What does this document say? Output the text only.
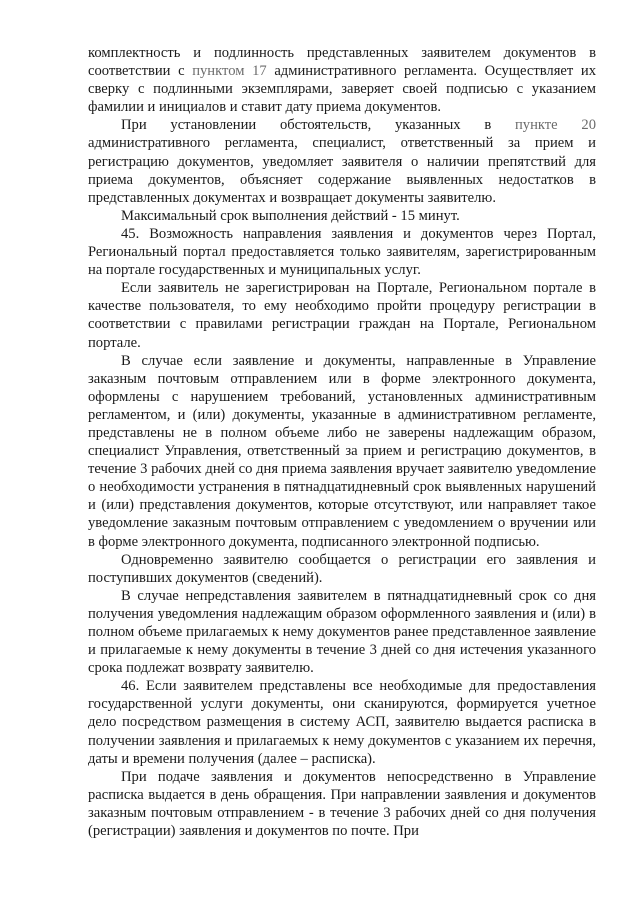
комплектность и подлинность представленных заявителем документов в соответствии с пунктом 17 административного регламента. Осуществляет их сверку с подлинными экземплярами, заверяет своей подписью с указанием фамилии и инициалов и ставит дату приема документов.

При установлении обстоятельств, указанных в пункте 20 административного регламента, специалист, ответственный за прием и регистрацию документов, уведомляет заявителя о наличии препятствий для приема документов, объясняет содержание выявленных недостатков в представленных документах и возвращает документы заявителю.

Максимальный срок выполнения действий - 15 минут.

45. Возможность направления заявления и документов через Портал, Региональный портал предоставляется только заявителям, зарегистрированным на портале государственных и муниципальных услуг.

Если заявитель не зарегистрирован на Портале, Региональном портале в качестве пользователя, то ему необходимо пройти процедуру регистрации в соответствии с правилами регистрации граждан на Портале, Региональном портале.

В случае если заявление и документы, направленные в Управление заказным почтовым отправлением или в форме электронного документа, оформлены с нарушением требований, установленных административным регламентом, и (или) документы, указанные в административном регламенте, представлены не в полном объеме либо не заверены надлежащим образом, специалист Управления, ответственный за прием и регистрацию документов, в течение 3 рабочих дней со дня приема заявления вручает заявителю уведомление о необходимости устранения в пятнадцатидневный срок выявленных нарушений и (или) представления документов, которые отсутствуют, или направляет такое уведомление заказным почтовым отправлением с уведомлением о вручении или в форме электронного документа, подписанного электронной подписью.

Одновременно заявителю сообщается о регистрации его заявления и поступивших документов (сведений).

В случае непредставления заявителем в пятнадцатидневный срок со дня получения уведомления надлежащим образом оформленного заявления и (или) в полном объеме прилагаемых к нему документов ранее представленное заявление и прилагаемые к нему документы в течение 3 дней со дня истечения указанного срока подлежат возврату заявителю.

46. Если заявителем представлены все необходимые для предоставления государственной услуги документы, они сканируются, формируется учетное дело посредством размещения в систему АСП, заявителю выдается расписка в получении заявления и прилагаемых к нему документов с указанием их перечня, даты и времени получения (далее – расписка).

При подаче заявления и документов непосредственно в Управление расписка выдается в день обращения. При направлении заявления и документов заказным почтовым отправлением - в течение 3 рабочих дней со дня получения (регистрации) заявления и документов по почте. При
